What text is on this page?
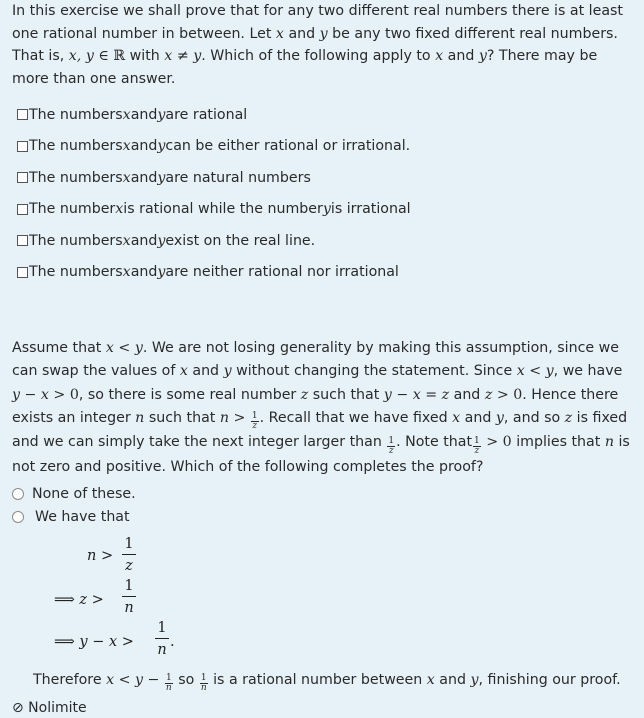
In this exercise we shall prove that for any two different real numbers there is at least one rational number in between. Let x and y be any two fixed different real numbers. That is, x, y ∈ ℝ with x ≠ y. Which of the following apply to x and y? There may be more than one answer.
The numbers x and y are rational
The numbers x and y can be either rational or irrational.
The numbers x and y are natural numbers
The number x is rational while the number y is irrational
The numbers x and y exist on the real line.
The numbers x and y are neither rational nor irrational
Assume that x < y. We are not losing generality by making this assumption, since we can swap the values of x and y without changing the statement. Since x < y, we have y − x > 0, so there is some real number z such that y − x = z and z > 0. Hence there exists an integer n such that $n > \frac{1}{z}$ . Recall that we have fixed x and y, and so z is fixed and we can simply take the next integer larger than $\frac{1}{z}$ . Note that $\frac{1}{z} > 0$ implies that n is not zero and positive. Which of the following completes the proof?
None of these.
We have that
n >
1
z
⟹ z >
1
n
⟹ y − x >
1
n .
Therefore $x < y - \frac{1}{n}$ so $\frac{1}{n}$ is a rational number between x and y, finishing our proof.
⊘ Nolimite
